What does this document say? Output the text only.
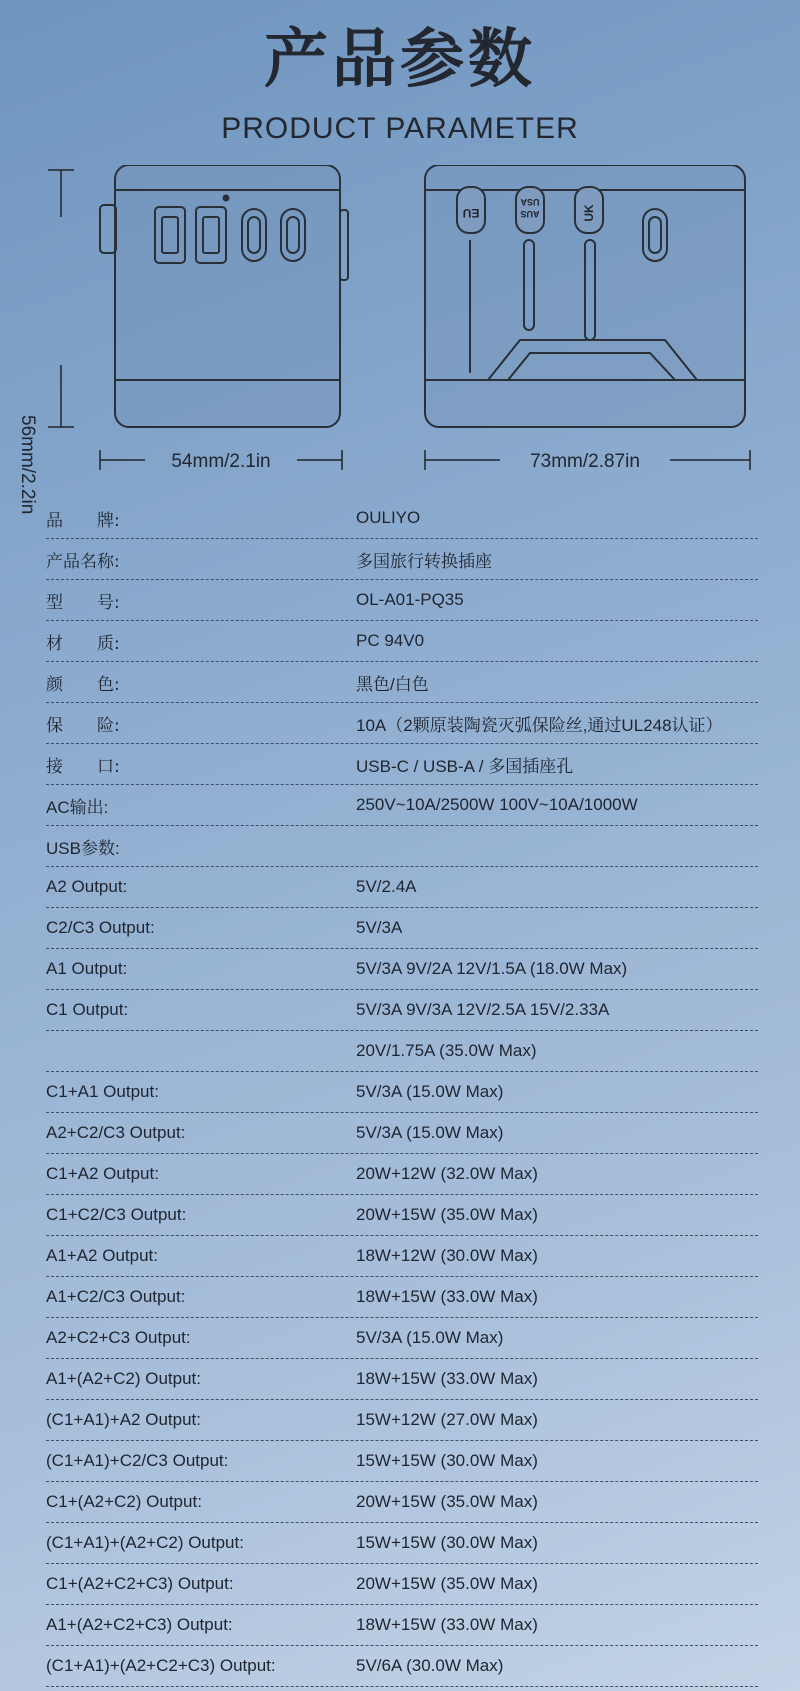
产品参数
PRODUCT PARAMETER
EU
USA
AUS	UK
54mm/2.1in	73mm/2.87in
56mm/2.2in
品　　牌:	OULIYO
产品名称:	多国旅行转换插座
型　　号:	OL-A01-PQ35
材　　质:	PC 94V0
颜　　色:	黑色/白色
保　　险:	10A（2颗原装陶瓷灭弧保险丝,通过UL248认证）
接　　口:	USB-C / USB-A / 多国插座孔
AC输出:	250V~10A/2500W 100V~10A/1000W
USB参数:
A2 Output:	5V/2.4A
C2/C3 Output:	5V/3A
A1 Output:	5V/3A 9V/2A 12V/1.5A (18.0W Max)
C1 Output:	5V/3A 9V/3A 12V/2.5A 15V/2.33A
20V/1.75A (35.0W Max)
C1+A1 Output:	5V/3A (15.0W Max)
A2+C2/C3 Output:	5V/3A (15.0W Max)
C1+A2 Output:	20W+12W (32.0W Max)
C1+C2/C3 Output:	20W+15W (35.0W Max)
A1+A2 Output:	18W+12W (30.0W Max)
A1+C2/C3 Output:	18W+15W (33.0W Max)
A2+C2+C3 Output:	5V/3A (15.0W Max)
A1+(A2+C2) Output:	18W+15W (33.0W Max)
(C1+A1)+A2 Output:	15W+12W (27.0W Max)
(C1+A1)+C2/C3 Output:	15W+15W (30.0W Max)
C1+(A2+C2) Output:	20W+15W (35.0W Max)
(C1+A1)+(A2+C2) Output:	15W+15W (30.0W Max)
C1+(A2+C2+C3) Output:	20W+15W (35.0W Max)
A1+(A2+C2+C3) Output:	18W+15W (33.0W Max)
(C1+A1)+(A2+C2+C3) Output:	5V/6A (30.0W Max)
